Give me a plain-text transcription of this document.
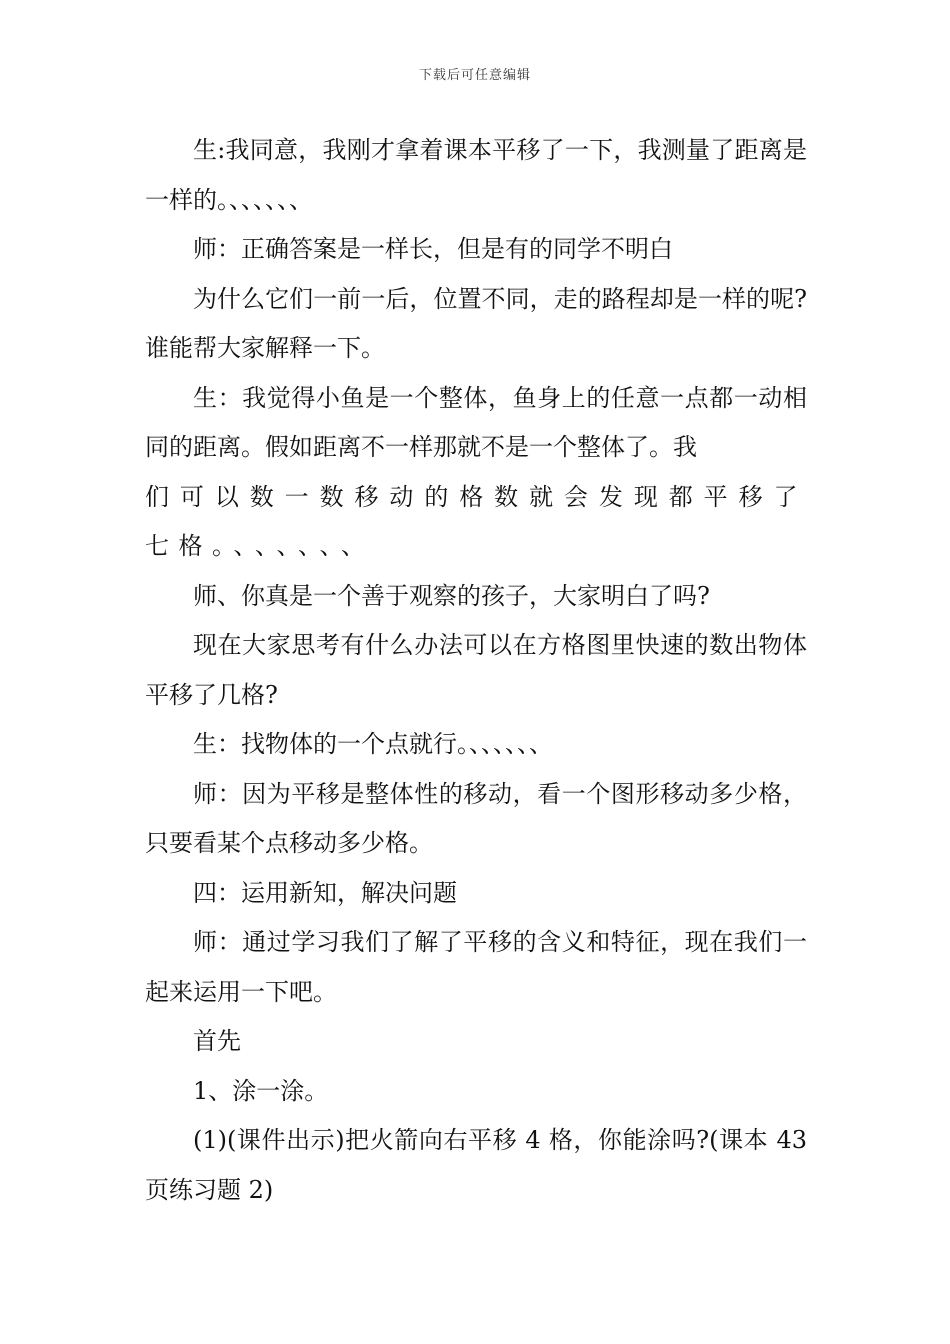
下载后可任意编辑

生:我同意，我刚才拿着课本平移了一下，我测量了距离是一样的。、、、、、、

师：正确答案是一样长，但是有的同学不明白

为什么它们一前一后，位置不同，走的路程却是一样的呢?谁能帮大家解释一下。

生：我觉得小鱼是一个整体，鱼身上的任意一点都一动相同的距离。假如距离不一样那就不是一个整体了。我

们可以数一数移动的格数就会发现都平移了七格。、、、、、、

师、你真是一个善于观察的孩子，大家明白了吗?

现在大家思考有什么办法可以在方格图里快速的数出物体平移了几格?

生：找物体的一个点就行。、、、、、、

师：因为平移是整体性的移动，看一个图形移动多少格，只要看某个点移动多少格。

四：运用新知，解决问题

师：通过学习我们了解了平移的含义和特征，现在我们一起来运用一下吧。

首先

1、涂一涂。

(1)(课件出示)把火箭向右平移 4 格，你能涂吗?(课本 43 页练习题 2)
